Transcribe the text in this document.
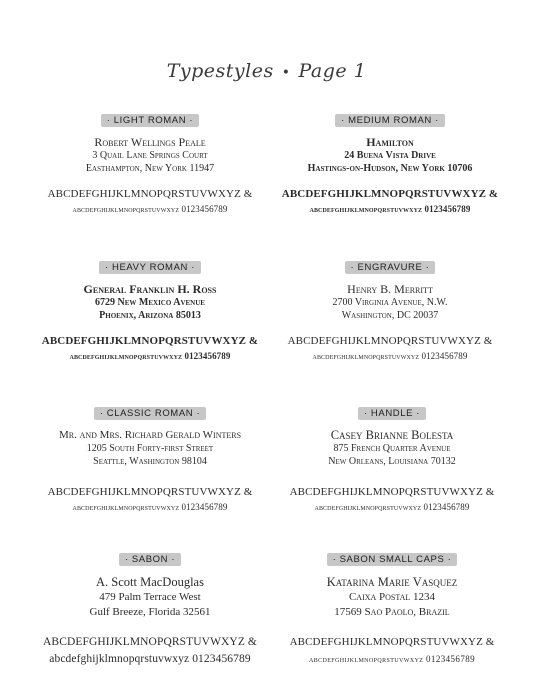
Typestyles • Page 1
· LIGHT ROMAN ·
Robert Wellings Peale
3 Quail Lane Springs Court
Easthampton, New York 11947
ABCDEFGHIJKLMNOPQRSTUVWXYZ &
abcdefghijklmnopqrstuvwxyz 0123456789
· MEDIUM ROMAN ·
Hamilton
24 Buena Vista Drive
Hastings-on-Hudson, New York 10706
ABCDEFGHIJKLMNOPQRSTUVWXYZ &
abcdefghijklmnopqrstuvwxyz 0123456789
· HEAVY ROMAN ·
General Franklin H. Ross
6729 New Mexico Avenue
Phoenix, Arizona 85013
ABCDEFGHIJKLMNOPQRSTUVWXYZ &
abcdefghijklmnopqrstuvwxyz 0123456789
· ENGRAVURE ·
Henry B. Merritt
2700 Virginia Avenue, N.W.
Washington, DC 20037
ABCDEFGHIJKLMNOPQRSTUVWXYZ &
abcdefghijklmnopqrstuvwxyz 0123456789
· CLASSIC ROMAN ·
Mr. and Mrs. Richard Gerald Winters
1205 South Forty-first Street
Seattle, Washington 98104
ABCDEFGHIJKLMNOPQRSTUVWXYZ &
abcdefghijklmnopqrstuvwxyz 0123456789
· HANDLE ·
Casey Brianne Bolesta
875 French Quarter Avenue
New Orleans, Louisiana 70132
ABCDEFGHIJKLMNOPQRSTUVWXYZ &
abcdefghijklmnopqrstuvwxyz 0123456789
· SABON ·
A. Scott MacDouglas
479 Palm Terrace West
Gulf Breeze, Florida 32561
ABCDEFGHIJKLMNOPQRSTUVWXYZ &
abcdefghijklmnopqrstuvwxyz 0123456789
· SABON SMALL CAPS ·
Katarina Marie Vasquez
Caixa Postal 1234
17569 Sao Paolo, Brazil
ABCDEFGHIJKLMNOPQRSTUVWXYZ &
abcdefghijklmnopqrstuvwxyz 0123456789
